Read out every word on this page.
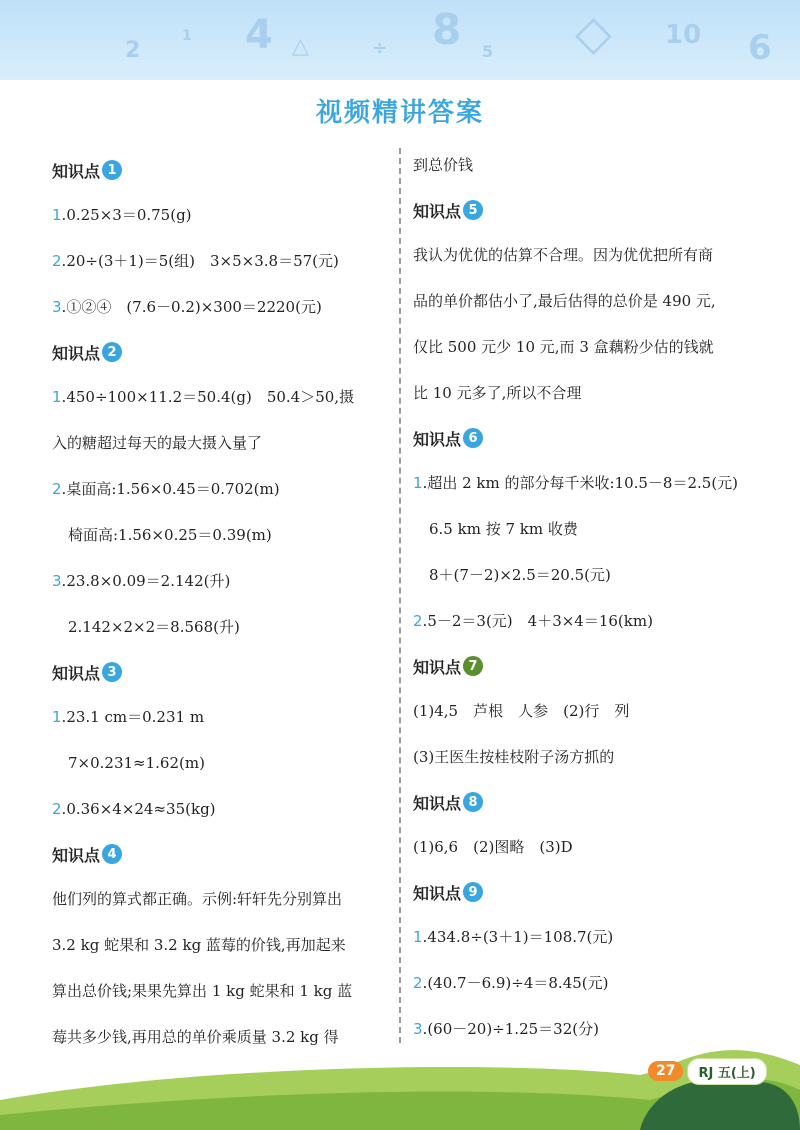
2
1 4 △	÷ 8 5 ◇ 10 6
视频精讲答案
知识点 1
1.0.25×3＝0.75(g)
2.20÷(3＋1)＝5(组)　3×5×3.8＝57(元)
3.①②④　(7.6－0.2)×300＝2220(元)
知识点 2
1.450÷100×11.2＝50.4(g)　50.4＞50,摄
入的糖超过每天的最大摄入量了
2.桌面高:1.56×0.45＝0.702(m)
椅面高:1.56×0.25＝0.39(m)
3.23.8×0.09＝2.142(升)
2.142×2×2＝8.568(升)
知识点 3
1.23.1 cm＝0.231 m
7×0.231≈1.62(m)
2.0.36×4×24≈35(kg)
知识点 4
他们列的算式都正确。示例:轩轩先分别算出
3.2 kg 蛇果和 3.2 kg 蓝莓的价钱,再加起来
算出总价钱;果果先算出 1 kg 蛇果和 1 kg 蓝
莓共多少钱,再用总的单价乘质量 3.2 kg 得
到总价钱
知识点 5
我认为优优的估算不合理。因为优优把所有商
品的单价都估小了,最后估得的总价是 490 元,
仅比 500 元少 10 元,而 3 盒藕粉少估的钱就
比 10 元多了,所以不合理
知识点 6
1.超出 2 km 的部分每千米收:10.5－8＝2.5(元)
6.5 km 按 7 km 收费
8＋(7－2)×2.5＝20.5(元)
2.5－2＝3(元)　4＋3×4＝16(km)
知识点 7
(1)4,5　芦根　人参　(2)行　列
(3)王医生按桂枝附子汤方抓的
知识点 8
(1)6,6　(2)图略　(3)D
知识点 9
1.434.8÷(3＋1)＝108.7(元)
2.(40.7－6.9)÷4＝8.45(元)
3.(60－20)÷1.25＝32(分)
27	RJ 五(上)
